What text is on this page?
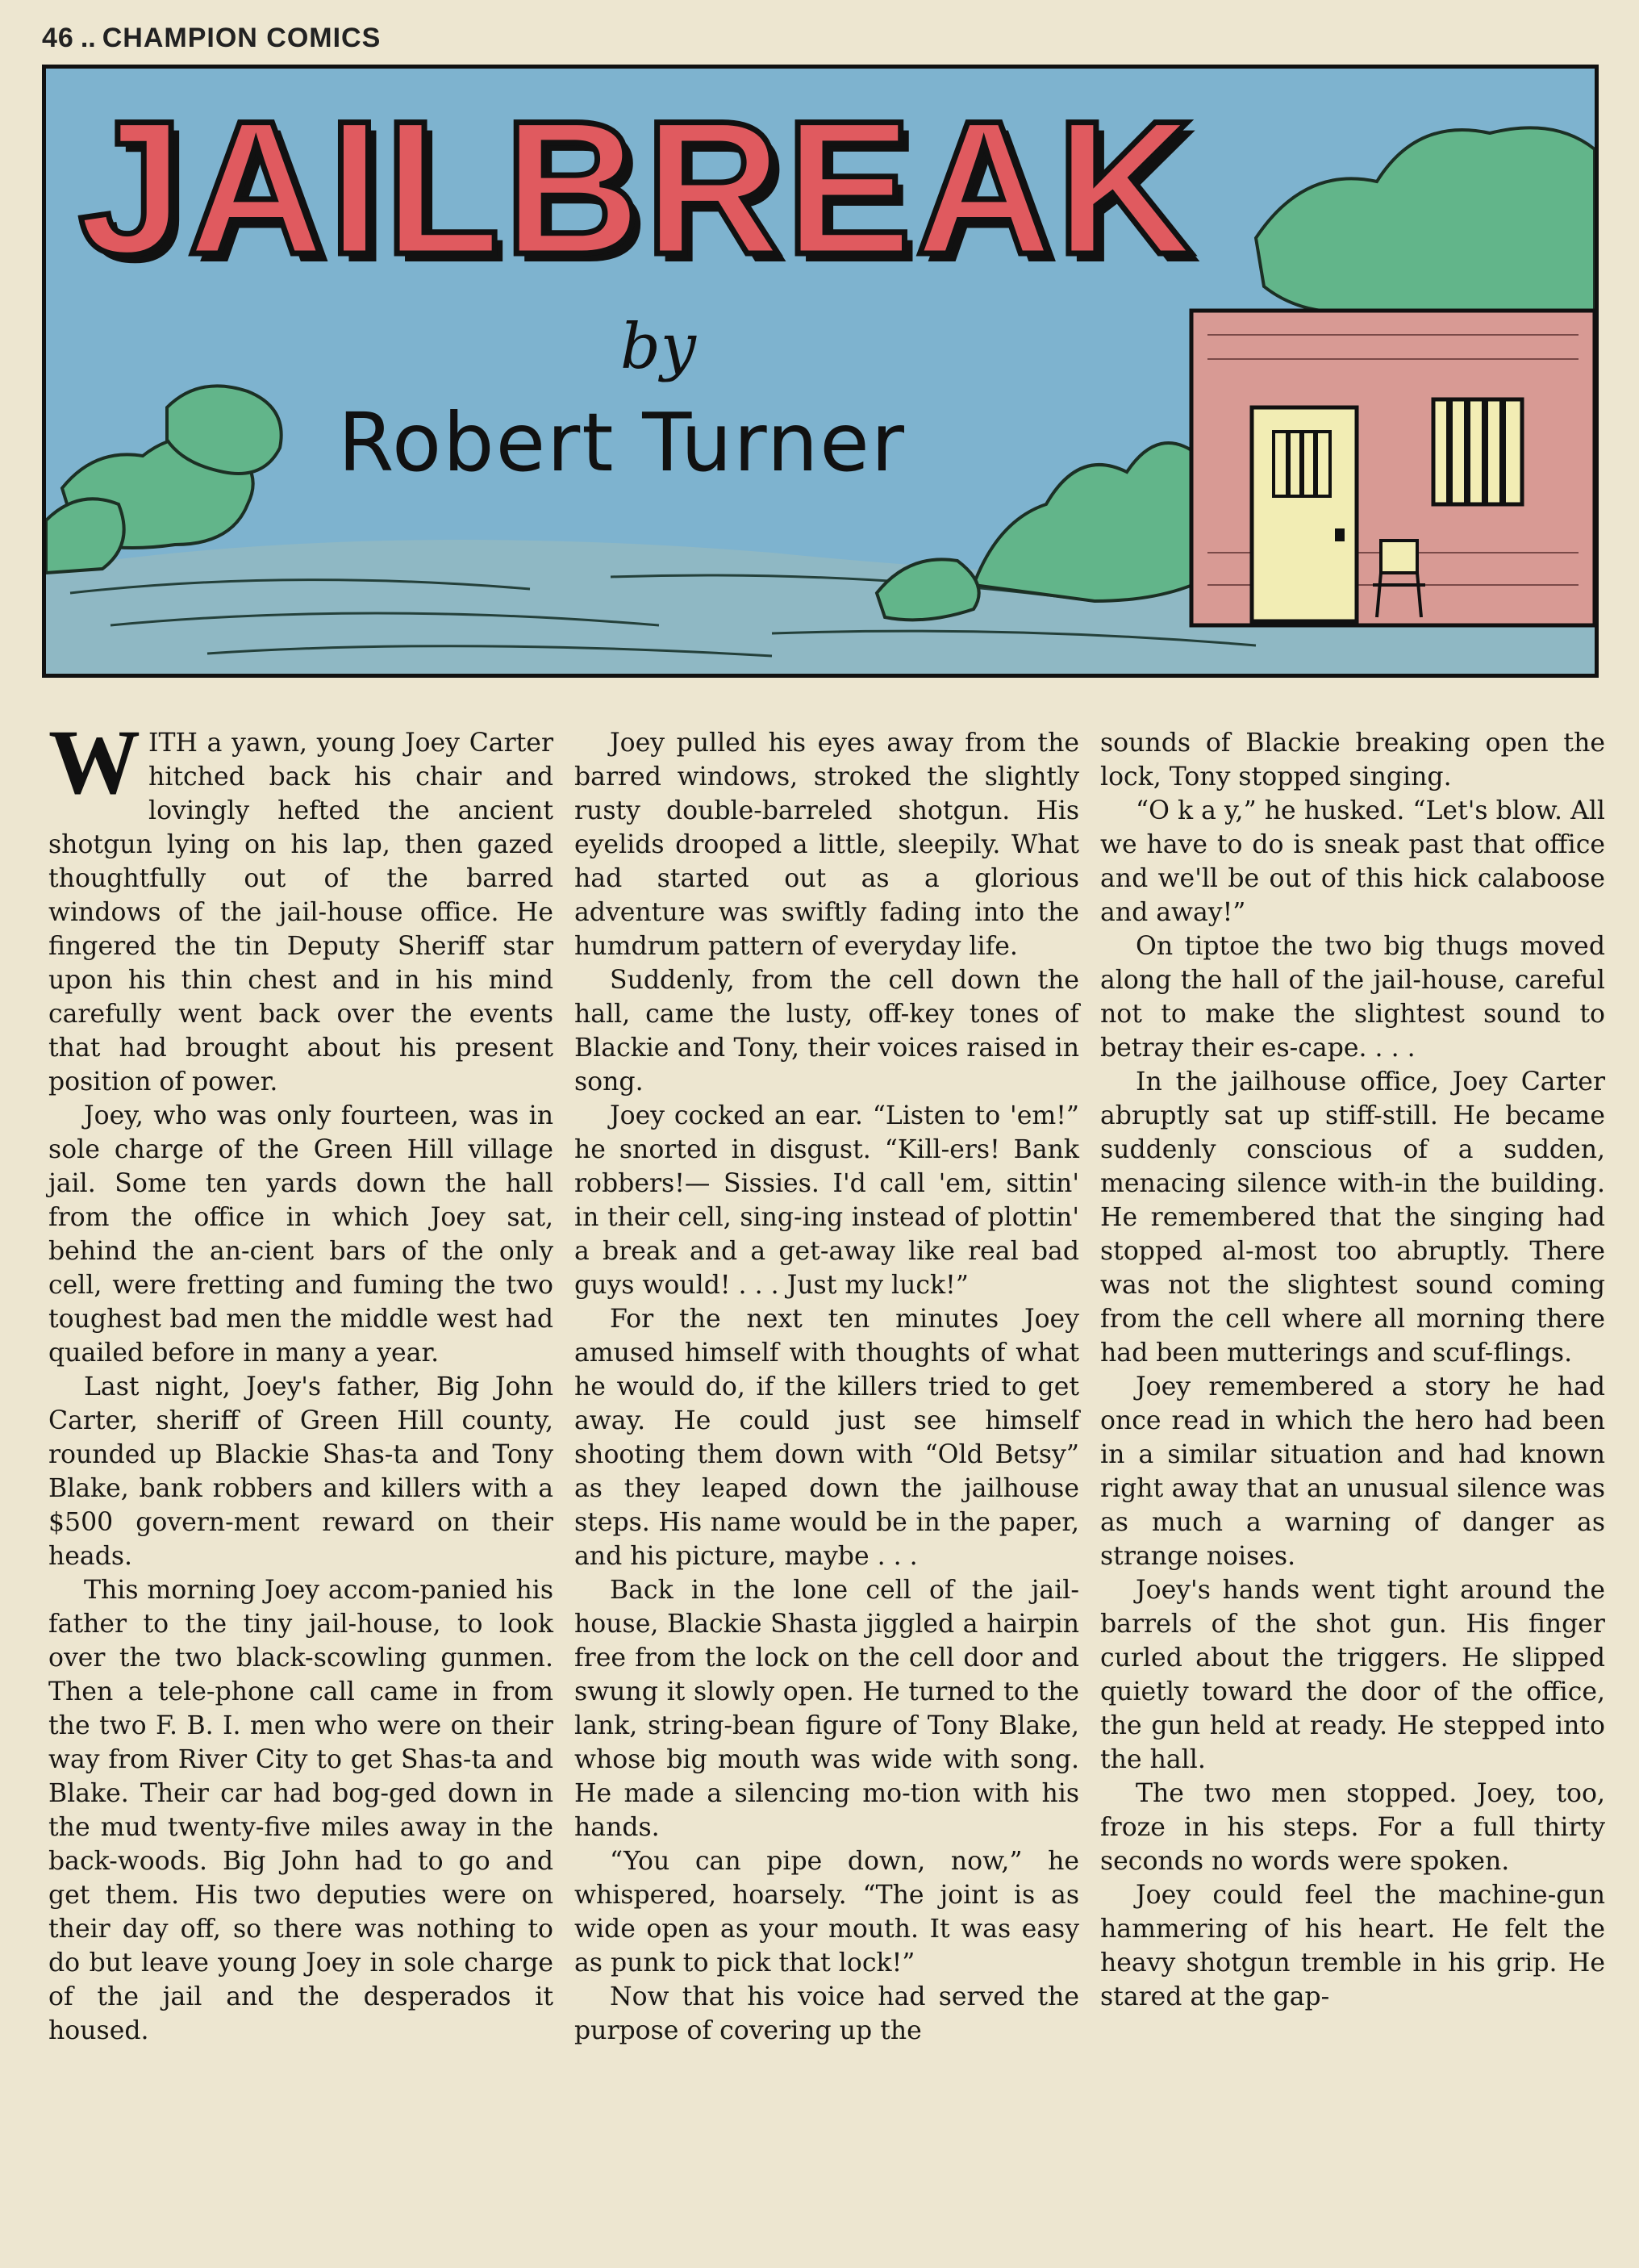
46 .. CHAMPION COMICS
JAILBREAK
by
Robert Turner

WITH a yawn, young Joey Carter hitched back his chair and lovingly hefted the ancient shotgun lying on his lap, then gazed thoughtfully out of the barred windows of the jail-house office. He fingered the tin Deputy Sheriff star upon his thin chest and in his mind carefully went back over the events that had brought about his present position of power.

Joey, who was only fourteen, was in sole charge of the Green Hill village jail. Some ten yards down the hall from the office in which Joey sat, behind the an-cient bars of the only cell, were fretting and fuming the two toughest bad men the middle west had quailed before in many a year.

Last night, Joey's father, Big John Carter, sheriff of Green Hill county, rounded up Blackie Shas-ta and Tony Blake, bank robbers and killers with a $500 govern-ment reward on their heads.

This morning Joey accom-panied his father to the tiny jail-house, to look over the two black-scowling gunmen. Then a tele-phone call came in from the two F. B. I. men who were on their way from River City to get Shas-ta and Blake. Their car had bog-ged down in the mud twenty-five miles away in the back-woods. Big John had to go and get them. His two deputies were on their day off, so there was nothing to do but leave young Joey in sole charge of the jail and the desperados it housed.

Joey pulled his eyes away from the barred windows, stroked the slightly rusty double-barreled shotgun. His eyelids drooped a little, sleepily. What had started out as a glorious adventure was swiftly fading into the humdrum pattern of everyday life.

Suddenly, from the cell down the hall, came the lusty, off-key tones of Blackie and Tony, their voices raised in song.

Joey cocked an ear. “Listen to 'em!” he snorted in disgust. “Kill-ers! Bank robbers!— Sissies. I'd call 'em, sittin' in their cell, sing-ing instead of plottin' a break and a get-away like real bad guys would! . . . Just my luck!”

For the next ten minutes Joey amused himself with thoughts of what he would do, if the killers tried to get away. He could just see himself shooting them down with “Old Betsy” as they leaped down the jailhouse steps. His name would be in the paper, and his picture, maybe . . .

Back in the lone cell of the jail-house, Blackie Shasta jiggled a hairpin free from the lock on the cell door and swung it slowly open. He turned to the lank, string-bean figure of Tony Blake, whose big mouth was wide with song. He made a silencing mo-tion with his hands.

“You can pipe down, now,” he whispered, hoarsely. “The joint is as wide open as your mouth. It was easy as punk to pick that lock!”

Now that his voice had served the purpose of covering up the

sounds of Blackie breaking open the lock, Tony stopped singing.

“O k a y,” he husked. “Let's blow. All we have to do is sneak past that office and we'll be out of this hick calaboose and away!”

On tiptoe the two big thugs moved along the hall of the jail-house, careful not to make the slightest sound to betray their es-cape. . . .

In the jailhouse office, Joey Carter abruptly sat up stiff-still. He became suddenly conscious of a sudden, menacing silence with-in the building. He remembered that the singing had stopped al-most too abruptly. There was not the slightest sound coming from the cell where all morning there had been mutterings and scuf-flings.

Joey remembered a story he had once read in which the hero had been in a similar situation and had known right away that an unusual silence was as much a warning of danger as strange noises.

Joey's hands went tight around the barrels of the shot gun. His finger curled about the triggers. He slipped quietly toward the door of the office, the gun held at ready. He stepped into the hall.

The two men stopped. Joey, too, froze in his steps. For a full thirty seconds no words were spoken.

Joey could feel the machine-gun hammering of his heart. He felt the heavy shotgun tremble in his grip. He stared at the gap-
